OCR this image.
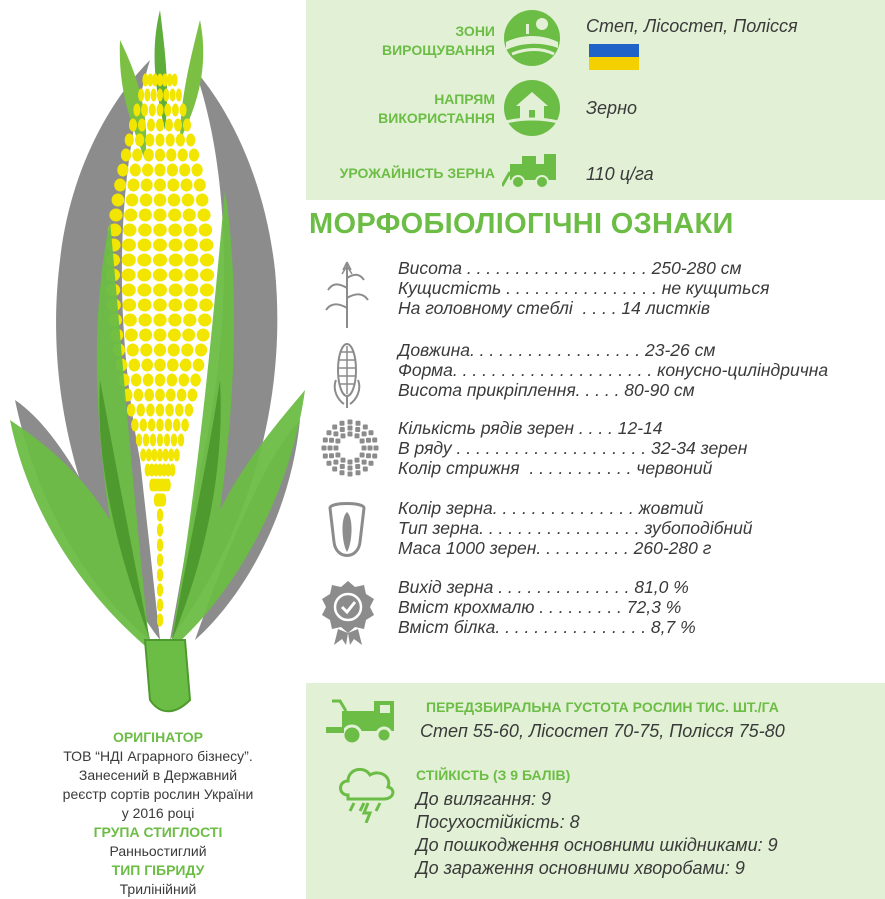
ЗОНИ
ВИРОЩУВАННЯ
Степ, Лісостеп, Полісся
НАПРЯМ
ВИКОРИСТАННЯ	Зерно
УРОЖАЙНІСТЬ ЗЕРНА	110 ц/га
МОРФОБІОЛІОГІЧНІ ОЗНАКИ
Висота . . . . . . . . . . . . . . . . . . . 250-280 см
Кущистість . . . . . . . . . . . . . . . . не кущиться
На головному стеблі  . . . . 14 листків
Довжина. . . . . . . . . . . . . . . . . . 23-26 см
Форма. . . . . . . . . . . . . . . . . . . . . конусно-циліндрична
Висота прикріплення. . . . . 80-90 см
Кількість рядів зерен . . . . 12-14
В ряду . . . . . . . . . . . . . . . . . . . . 32-34 зерен
Колір стрижня  . . . . . . . . . . . червоний
Колір зерна. . . . . . . . . . . . . . . жовтий
Тип зерна. . . . . . . . . . . . . . . . . зубоподібний
Маса 1000 зерен. . . . . . . . . . 260-280 г
Вихід зерна . . . . . . . . . . . . . . 81,0 %
Вміст крохмалю . . . . . . . . . 72,3 %
Вміст білка. . . . . . . . . . . . . . . . 8,7 %
ПЕРЕДЗБИРАЛЬНА ГУСТОТА РОСЛИН ТИС. ШТ./ГА
Степ 55-60, Лісостеп 70-75, Полісся 75-80
СТІЙКІСТЬ (З 9 БАЛІВ)
До вилягання: 9
Посухостійкість: 8
До пошкодження основними шкідниками: 9
До зараження основними хворобами: 9
ОРИГІНАТОР
ТОВ “НДІ Аграрного бізнесу”.
Занесений в Державний
реєстр сортів рослин України
у 2016 році
ГРУПА СТИГЛОСТІ
Ранньостиглий
ТИП ГІБРИДУ
Трилінійний
